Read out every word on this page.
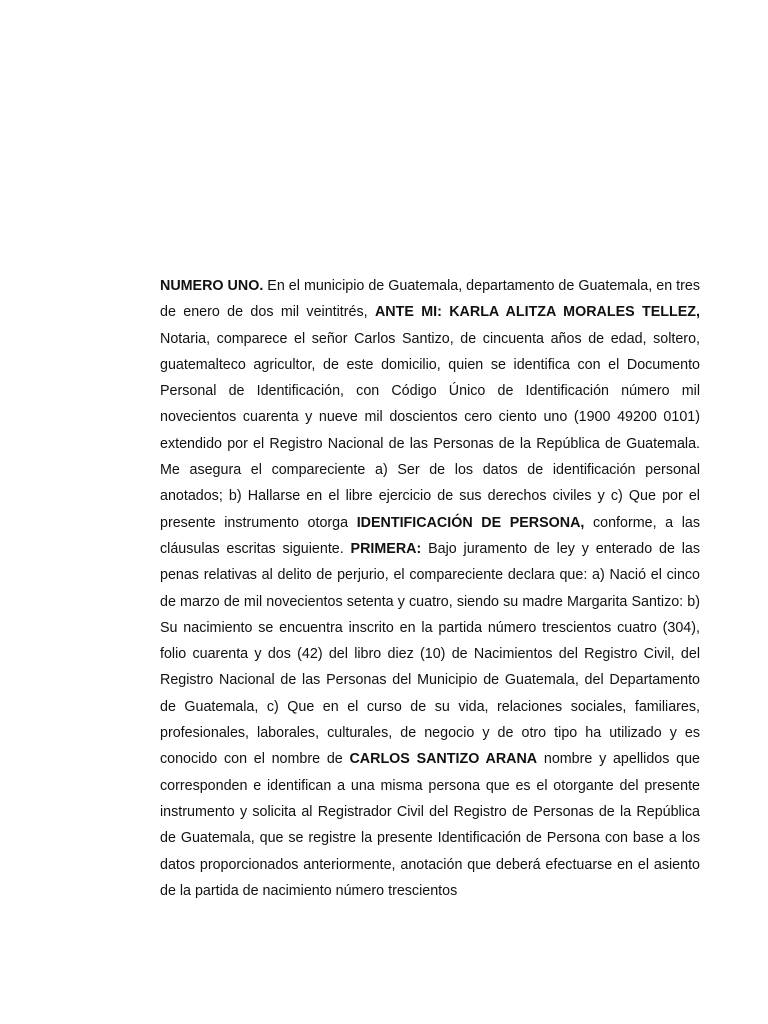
NUMERO UNO. En el municipio de Guatemala, departamento de Guatemala, en tres de enero de dos mil veintitrés, ANTE MI: KARLA ALITZA MORALES TELLEZ, Notaria, comparece el señor Carlos Santizo, de cincuenta años de edad, soltero, guatemalteco agricultor, de este domicilio, quien se identifica con el Documento Personal de Identificación, con Código Único de Identificación número mil novecientos cuarenta y nueve mil doscientos cero ciento uno (1900 49200 0101) extendido por el Registro Nacional de las Personas de la República de Guatemala. Me asegura el compareciente a) Ser de los datos de identificación personal anotados; b) Hallarse en el libre ejercicio de sus derechos civiles y c) Que por el presente instrumento otorga IDENTIFICACIÓN DE PERSONA, conforme, a las cláusulas escritas siguiente. PRIMERA: Bajo juramento de ley y enterado de las penas relativas al delito de perjurio, el compareciente declara que: a) Nació el cinco de marzo de mil novecientos setenta y cuatro, siendo su madre Margarita Santizo: b) Su nacimiento se encuentra inscrito en la partida número trescientos cuatro (304), folio cuarenta y dos (42) del libro diez (10) de Nacimientos del Registro Civil, del Registro Nacional de las Personas del Municipio de Guatemala, del Departamento de Guatemala, c) Que en el curso de su vida, relaciones sociales, familiares, profesionales, laborales, culturales, de negocio y de otro tipo ha utilizado y es conocido con el nombre de CARLOS SANTIZO ARANA nombre y apellidos que corresponden e identifican a una misma persona que es el otorgante del presente instrumento y solicita al Registrador Civil del Registro de Personas de la República de Guatemala, que se registre la presente Identificación de Persona con base a los datos proporcionados anteriormente, anotación que deberá efectuarse en el asiento de la partida de nacimiento número trescientos
